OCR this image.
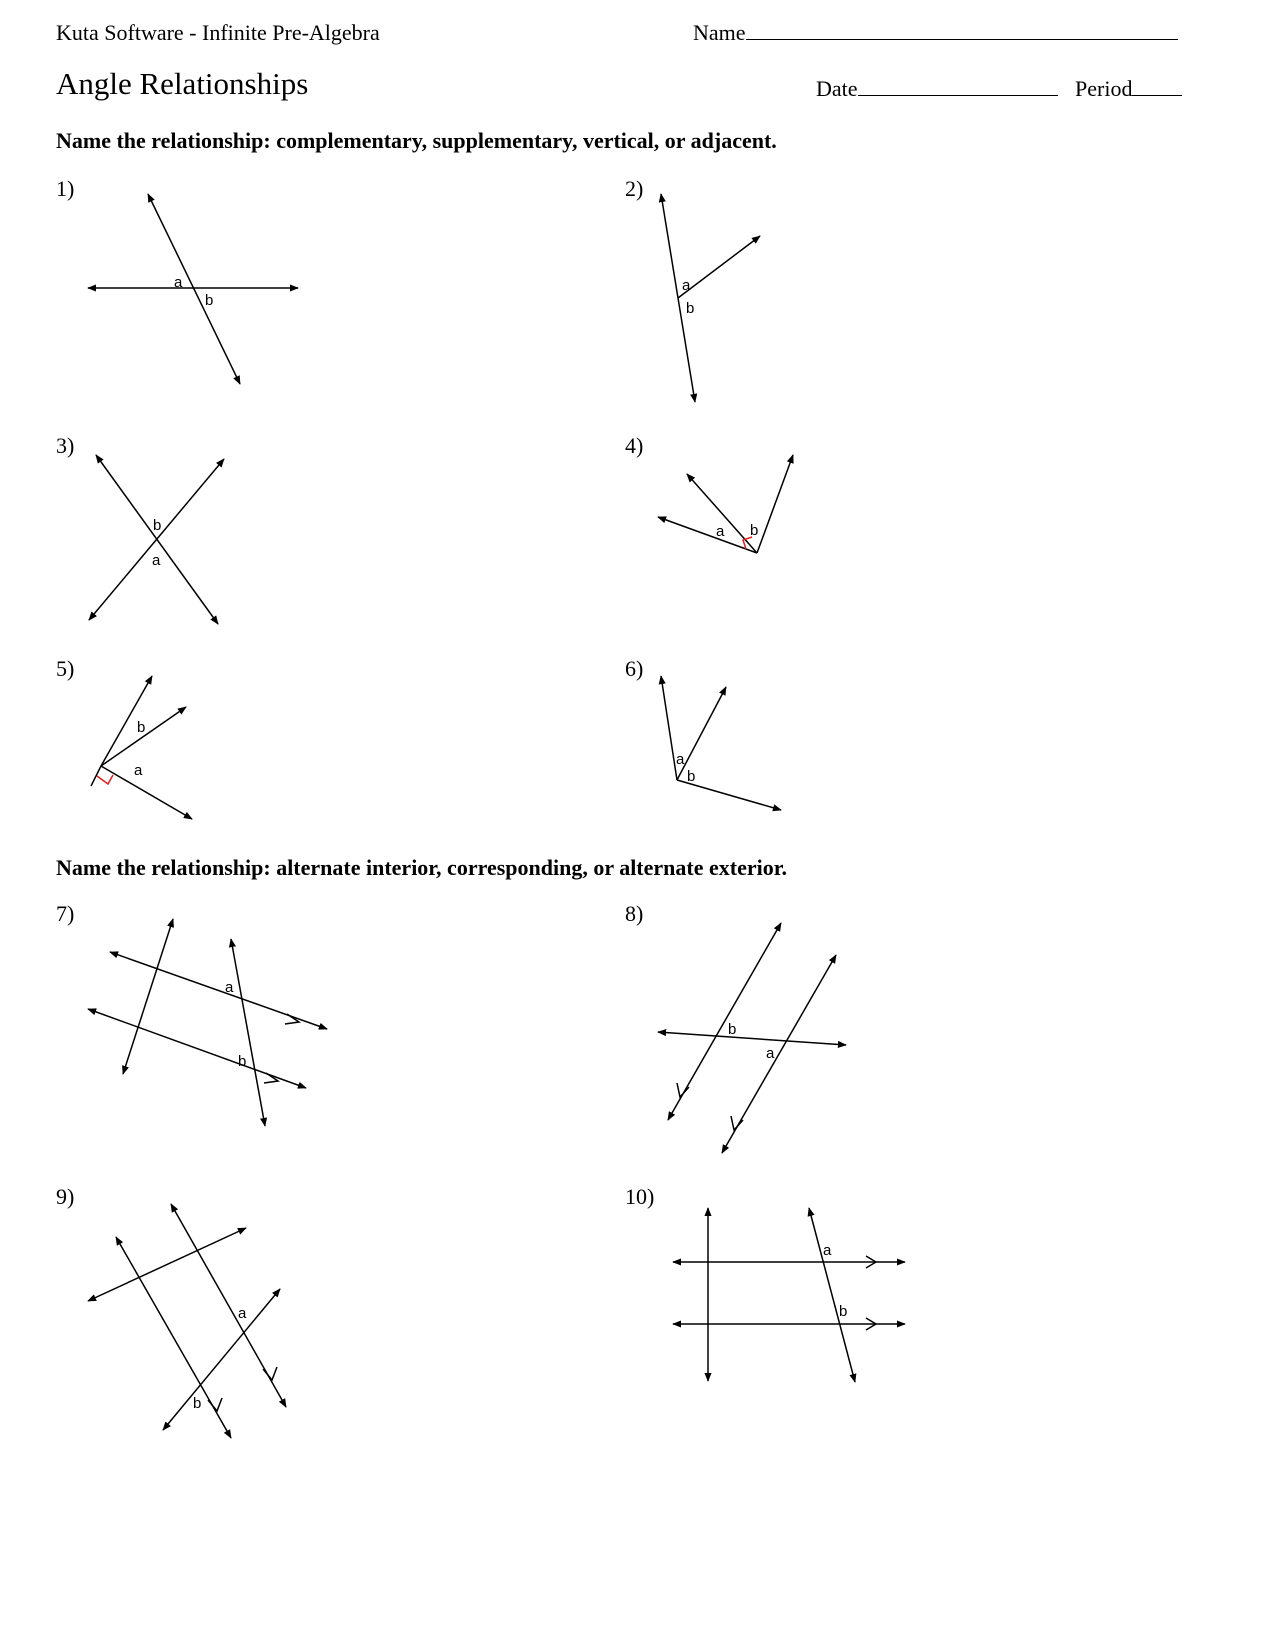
Kuta Software - Infinite Pre-Algebra	Name
Angle Relationships	Date	Period
Name the relationship: complementary, supplementary, vertical, or adjacent.
Name the relationship: alternate interior, corresponding, or alternate exterior.
1)	2)
3)	4)
5)	6)
7)	8)
9)	10)
a
b
a
b
b
a
a b
b
a
a
b
a
b
b
a
a
b
a
b
